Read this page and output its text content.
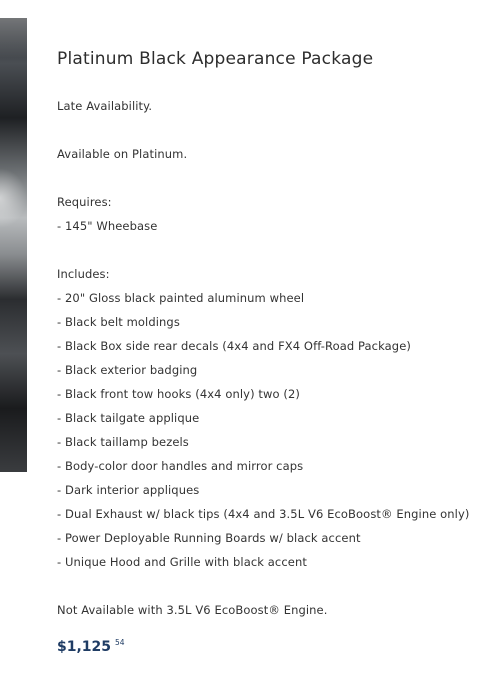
Platinum Black Appearance Package

Late Availability.

Available on Platinum.

Requires:

- 145" Wheebase

Includes:

- 20" Gloss black painted aluminum wheel

- Black belt moldings

- Black Box side rear decals (4x4 and FX4 Off-Road Package)

- Black exterior badging

- Black front tow hooks (4x4 only) two (2)

- Black tailgate applique

- Black taillamp bezels

- Body-color door handles and mirror caps

- Dark interior appliques

- Dual Exhaust w/ black tips (4x4 and 3.5L V6 EcoBoost® Engine only)

- Power Deployable Running Boards w/ black accent

- Unique Hood and Grille with black accent

Not Available with 3.5L V6 EcoBoost® Engine.

$1,125 54
